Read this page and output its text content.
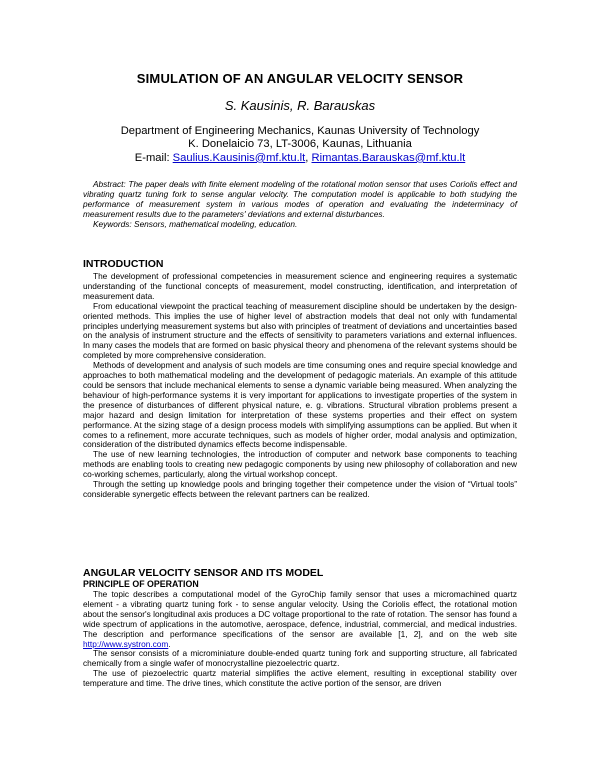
SIMULATION OF AN ANGULAR VELOCITY SENSOR
S. Kausinis, R. Barauskas
Department of Engineering Mechanics, Kaunas University of Technology
K. Donelaicio 73, LT-3006, Kaunas, Lithuania
E-mail: Saulius.Kausinis@mf.ktu.lt, Rimantas.Barauskas@mf.ktu.lt

Abstract: The paper deals with finite element modeling of the rotational motion sensor that uses Coriolis effect and vibrating quartz tuning fork to sense angular velocity. The computation model is applicable to both studying the performance of measurement system in various modes of operation and evaluating the indeterminacy of measurement results due to the parameters' deviations and external disturbances.

Keywords: Sensors, mathematical modeling, education.

INTRODUCTION

The development of professional competencies in measurement science and engineering requires a systematic understanding of the functional concepts of measurement, model constructing, identification, and interpretation of measurement data.

From educational viewpoint the practical teaching of measurement discipline should be undertaken by the design-oriented methods. This implies the use of higher level of abstraction models that deal not only with fundamental principles underlying measurement systems but also with principles of treatment of deviations and uncertainties based on the analysis of instrument structure and the effects of sensitivity to parameters variations and external influences. In many cases the models that are formed on basic physical theory and phenomena of the relevant systems should be completed by more comprehensive consideration.

Methods of development and analysis of such models are time consuming ones and require special knowledge and approaches to both mathematical modeling and the development of pedagogic materials. An example of this attitude could be sensors that include mechanical elements to sense a dynamic variable being measured. When analyzing the behaviour of high-performance systems it is very important for applications to investigate properties of the system in the presence of disturbances of different physical nature, e. g. vibrations. Structural vibration problems present a major hazard and design limitation for interpretation of these systems properties and their effect on system performance. At the sizing stage of a design process models with simplifying assumptions can be applied. But when it comes to a refinement, more accurate techniques, such as models of higher order, modal analysis and optimization, consideration of the distributed dynamics effects become indispensable.

The use of new learning technologies, the introduction of computer and network base components to teaching methods are enabling tools to creating new pedagogic components by using new philosophy of collaboration and new co-working schemes, particularly, along the virtual workshop concept.

Through the setting up knowledge pools and bringing together their competence under the vision of “Virtual tools” considerable synergetic effects between the relevant partners can be realized.

ANGULAR VELOCITY SENSOR AND ITS MODEL
PRINCIPLE OF OPERATION

The topic describes a computational model of the GyroChip family sensor that uses a micromachined quartz element - a vibrating quartz tuning fork - to sense angular velocity. Using the Coriolis effect, the rotational motion about the sensor's longitudinal axis produces a DC voltage proportional to the rate of rotation. The sensor has found a wide spectrum of applications in the automotive, aerospace, defence, industrial, commercial, and medical industries. The description and performance specifications of the sensor are available [1, 2], and on the web site http://www.systron.com.

The sensor consists of a microminiature double-ended quartz tuning fork and supporting structure, all fabricated chemically from a single wafer of monocrystalline piezoelectric quartz.

The use of piezoelectric quartz material simplifies the active element, resulting in exceptional stability over temperature and time. The drive tines, which constitute the active portion of the sensor, are driven
